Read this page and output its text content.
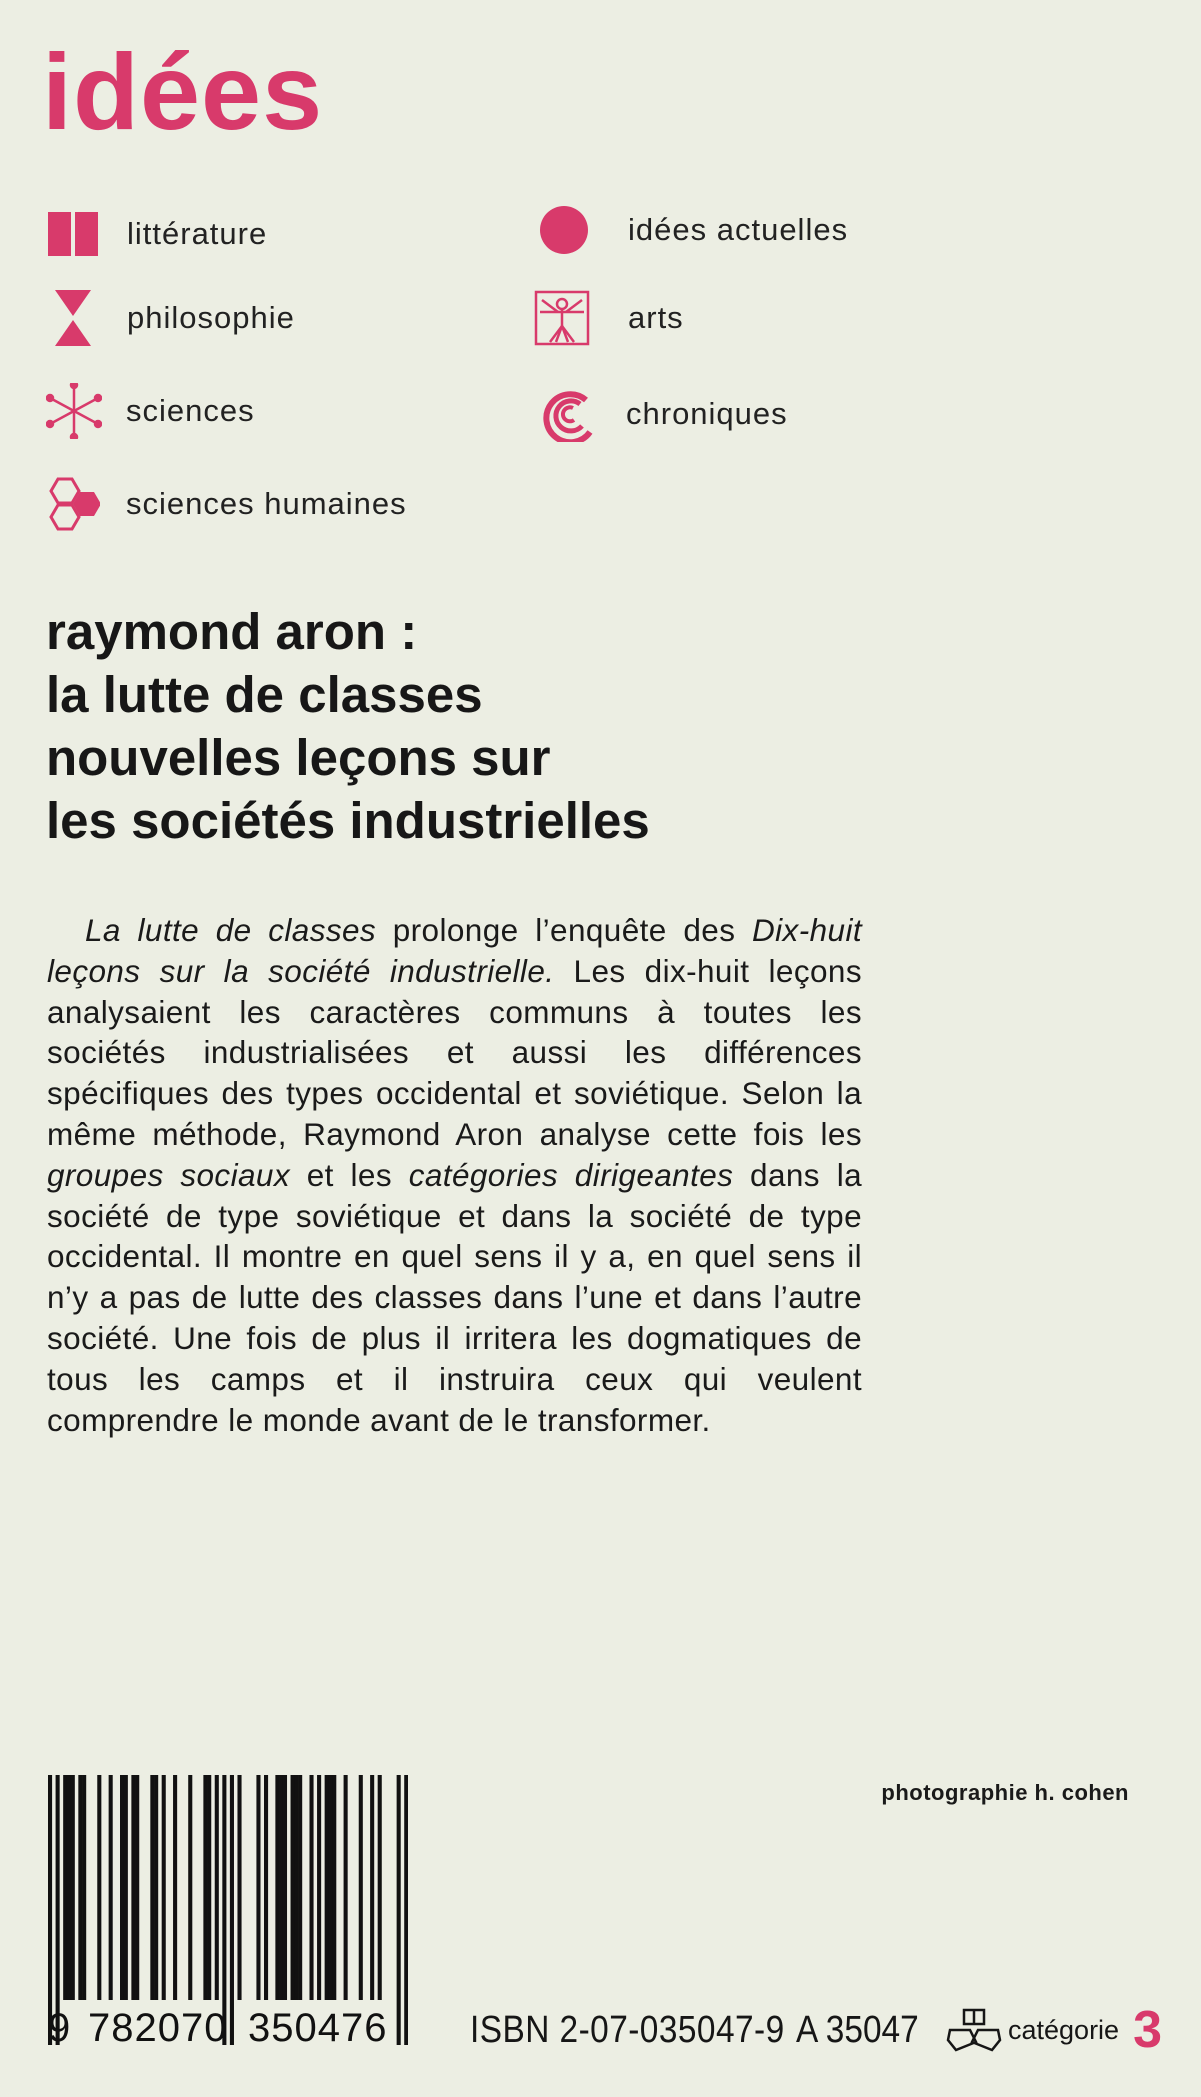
idées
littérature	idées actuelles
philosophie	arts
sciences	chroniques
sciences humaines
raymond aron :
la lutte de classes
nouvelles leçons sur
les sociétés industrielles
La lutte de classes prolonge l’enquête des Dix-huit leçons sur la société industrielle. Les dix-huit leçons analysaient les caractères communs à toutes les sociétés industrialisées et aussi les différences spécifiques des types occidental et soviétique. Selon la même méthode, Raymond Aron analyse cette fois les groupes sociaux et les catégories dirigeantes dans la société de type soviétique et dans la société de type occidental. Il montre en quel sens il y a, en quel sens il n’y a pas de lutte des classes dans l’une et dans l’autre société. Une fois de plus il irritera les dogmatiques de tous les camps et il instruira ceux qui veulent comprendre le monde avant de le transformer.
photographie h. cohen
9 782070 350476 ISBN 2-07-035047-9 A 35047	catégorie 3
